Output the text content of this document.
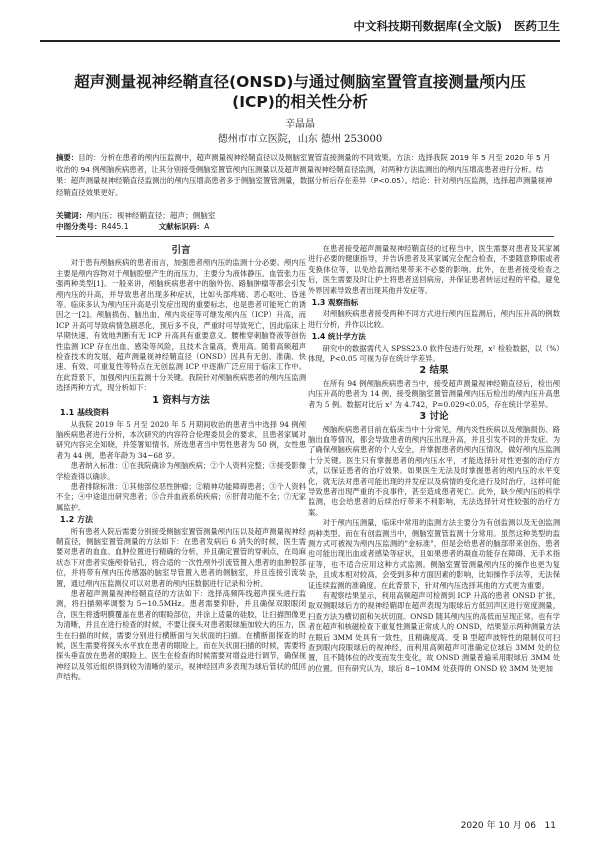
中文科技期刊数据库(全文版) 医药卫生
超声测量视神经鞘直径(ONSD)与通过侧脑室置管直接测量颅内压(ICP)的相关性分析
辛晶晶
德州市市立医院，山东 德州 253000
摘要：目的：分析在患者的颅内压监测中，超声测量视神经鞘直径以及侧脑室置管直接测量的不同效果。方法：选择我院 2019 年 5 月至 2020 年 5 月收治的 94 例颅脑疾病患者，让其分别接受侧脑室置管颅内压测量以及超声测量视神经鞘直径监测，对两种方法监测出的颅内压增高患者进行分析。结果：超声测量视神经鞘直径监测出的颅内压增高患者多于侧脑室置管测量，数据分析后存在差异（P<0.05）。结论：针对颅内压监测，选择超声测量视神经鞘直径效果更好。
关键词：颅内压；视神经鞘直径；超声；侧脑室
中图分类号：R445.1	文献标识码：A
引言

对于患有颅脑疾病的患者而言，加强患者颅内压的监测十分必要。颅内压主要是颅内容物对于颅脑腔壁产生的而压力，主要分为液体静压、血管张力压强两种类型[1]。一般来讲，颅脑疾病患者中的脑外伤、路脑肿瘤等都会引发颅内压的升高，并导致患者出现多种症状，比如头部疼痛、恶心呕吐、昏迷等。临床多认为颅内压升高是引发症出现的重要标志，也是患者可能死亡的诱因之一[2]。颅脑损伤、脑出血、颅内炎症等可继发颅内压（ICP）升高，而 ICP 升高可导致病情急剧恶化，预后多不良，严重时可导致死亡，因此临床上早期快速、有效地判断有无 ICP 升高具有重要意义。腰椎穿刺脑脊液等创伤性监测 ICP 存在出血、感染等风险，且技术含量高，费用高。随着高频超声检查技术的发展，超声测量视神经鞘直径（ONSD）因具有无创、准确、快速、有效、可重复性等特点在无创监测 ICP 中逐渐广泛应用于临床工作中。在此背景下，加强颅内压监测十分关键。我院针对颅脑疾病患者的颅内压监测选择两种方式，现分析如下：

1 资料与方法
1.1 基线资料

从我院 2019 年 5 月至 2020 年 5 月期间收治的患者当中选择 94 例颅脑疾病患者进行分析，本次研究的内容符合伦理委员会的要求，且患者家属对研究内容完全知晓，并签署知情书。所选患者当中男性患者为 50 例，女性患者为 44 例，患者年龄为 34~68 岁。

患者纳入标准：①在我院确诊为颅脑疾病；②个人资料完整；③接受影像学检查得以确诊。

患者排除标准：①其他部位恶性肿瘤；②精神功能障碍患者；③个人资料不全；④中途退出研究患者；⑤合并血液系统疾病；⑥肝肾功能不全；⑦无家属监护。

1.2 方法

所有患者入院后需要分别接受侧脑室置管测量颅内压以及超声测量视神经鞘直径，侧脑室置管测量的方法如下：在患者发病后 6 消失的时候，医生需要对患者的血血、血肿位置进行精确的分析，并且确定置管的穿刺点，在局麻状态下对患者实施颅骨钻孔，将合适的一次性颅外引流管置入患者的血肿腔部位，并将带有颅内压传感器的脑室导管置入患者的侧脑室，并且连接引流装置，通过颅内压监测仪可以对患者的颅内压数据进行记录和分析。

患者超声测量视神经鞘直径的方法如下：选择高频阵线超声探头进行监测，将扫描频率调整为 5~10.5MHz。患者需要仰卧，并且确保双眼眼闭合，医生将透明膜覆盖在患者的眼睑部位，并涂上适量的硅胶，让扫描图像更为清晰，并且在进行检查的时候，不要让探头对患者眼球施加较大的压力，医生在扫描的时候，需要分别进行横断面与矢状面的扫描。在横断面探查的时候，医生需要将探头水平放在患者的眼睑上，而在矢状面扫描的时候，需要将探头垂直放在患者的眼睑上。医生在检查的时候需要对增益进行调节，确保视神经以及邻近组织得到较为清晰的显示，视神经回声多表现为球后管状的低回声结构。

在患者接受超声测量视神经鞘直径的过程当中，医生需要对患者及其家属进行必要的健康指导，并告诉患者及其家属完全配合检查，不要随意睁眼或者变换体位等，以免给监测结果带来不必要的影响。此外，在患者接受检查之后，医生需要及时让护士将患者送回病房，并保证患者转运过程的平稳，避免外界因素导致患者出现其他并发症等。

1.3 观察指标

对颅脑疾病患者接受两种不同方式进行颅内压监测后，颅内压升高的例数进行分析，并作以比较。

1.4 统计学方法

研究中的数据需代入 SPSS23.0 软件包进行处理，x² 检验数据，以（%）体现，P<0.05 可视为存在统计学差异。

2 结果

在所有 94 例颅脑疾病患者当中，接受超声测量视神经鞘直径后，检出颅内压升高的患者为 14 例，接受侧脑室置管测量颅内压后检出的颅内压升高患者为 5 例。数据对比后 x² 为 4.742，P=0.029<0.05，存在统计学差异。

3 讨论

颅脑疾病患者目前在临床当中十分常见，颅内炎性疾病以及颅脑损伤、路脑出血等情况，都会导致患者的颅内压出现升高，并且引发不同的并发症。为了确保颅脑疾病患者的个人安全，并掌握患者的颅内压情况，做好颅内压监测十分关键。医生只有掌握患者的颅内压水平，才能选择针对性更强的治疗方式，以保证患者的治疗效果。如果医生无法及时掌握患者的颅内压的水平变化，就无法对患者可能出现的并发症以及病情的变化进行及时治疗，这样可能导致患者出现严重的不良事件，甚至造成患者死亡。此外，缺少颅内压的科学监测，也会给患者的后续治疗带来不利影响，无法选择针对性较强的治疗方案。

对于颅内压测量，临床中常用的监测方法主要分为有创监测以及无创监测两种类型。而在有创监测当中，侧脑室置管监测十分常用。虽然这种类型的监测方式可被视为颅内压监测的"金标准"，但是会给患者的脑部带来创伤，患者也可能出现出血或者感染等症状，且如果患者的凝血功能存在障碍、无手术指征等，也不适合应用这种方式监测。侧脑室置管测量颅内压的操作也更为复杂，且成本相对较高，会受到多种方面因素的影响，比如操作手法等，无法保证连续监测的准确度。在此背景下，针对颅内压选择其他的方式更为重要。

有观察结果显示，利用高频超声可检测到 ICP 升高的患者 ONSD 扩张，取双侧眼球后方的视神经鞘即在超声表现为眼球后方低回声区进行宽度测量，扫查方法为横切面和矢状切面。ONSD 随其颅内压的高低而呈现正常。也有学者在超声和核磁检查下重复性测量正常成人的 ONSD，结果显示两种测量方法在眼后 3MM 处具有一致性，且精确度高。受 B 型超声波特性的限制仅可扫查到眼内段眼球后的视神经，而利用高频超声可准确定位球后 3MM 处的位置，且不随体位的改变而发生变化，故 ONSD 测量普遍采用眼球后 3MM 处的位置。但有研究认为，球后 8~10MM 处获得的 ONSD 较 3MM 处更加

2020 年 10 月 06 11
